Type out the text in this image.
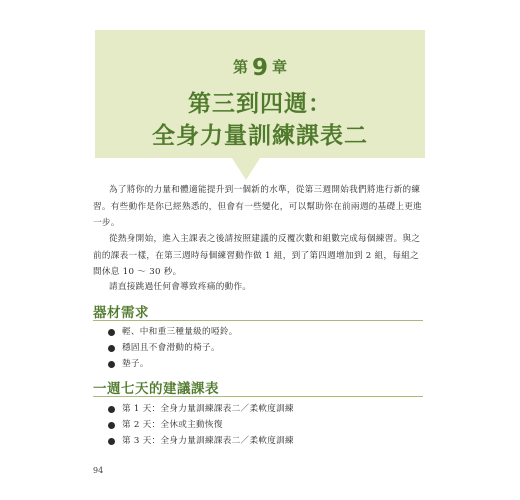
第 9 章
第三到四週：
全身力量訓練課表二

為了將你的力量和體適能提升到一個新的水準，從第三週開始我們將進行新的練習。有些動作是你已經熟悉的，但會有一些變化，可以幫助你在前兩週的基礎上更進一步。

從熱身開始，進入主課表之後請按照建議的反覆次數和組數完成每個練習。與之前的課表一樣，在第三週時每個練習動作做 1 組，到了第四週增加到 2 組，每組之間休息 10 ～ 30 秒。

請直接跳過任何會導致疼痛的動作。

器材需求
輕、中和重三種量級的啞鈴。
穩固且不會滑動的椅子。
墊子。
一週七天的建議課表
第 1 天：全身力量訓練課表二／柔軟度訓練
第 2 天：全休或主動恢復
第 3 天：全身力量訓練課表二／柔軟度訓練
94
